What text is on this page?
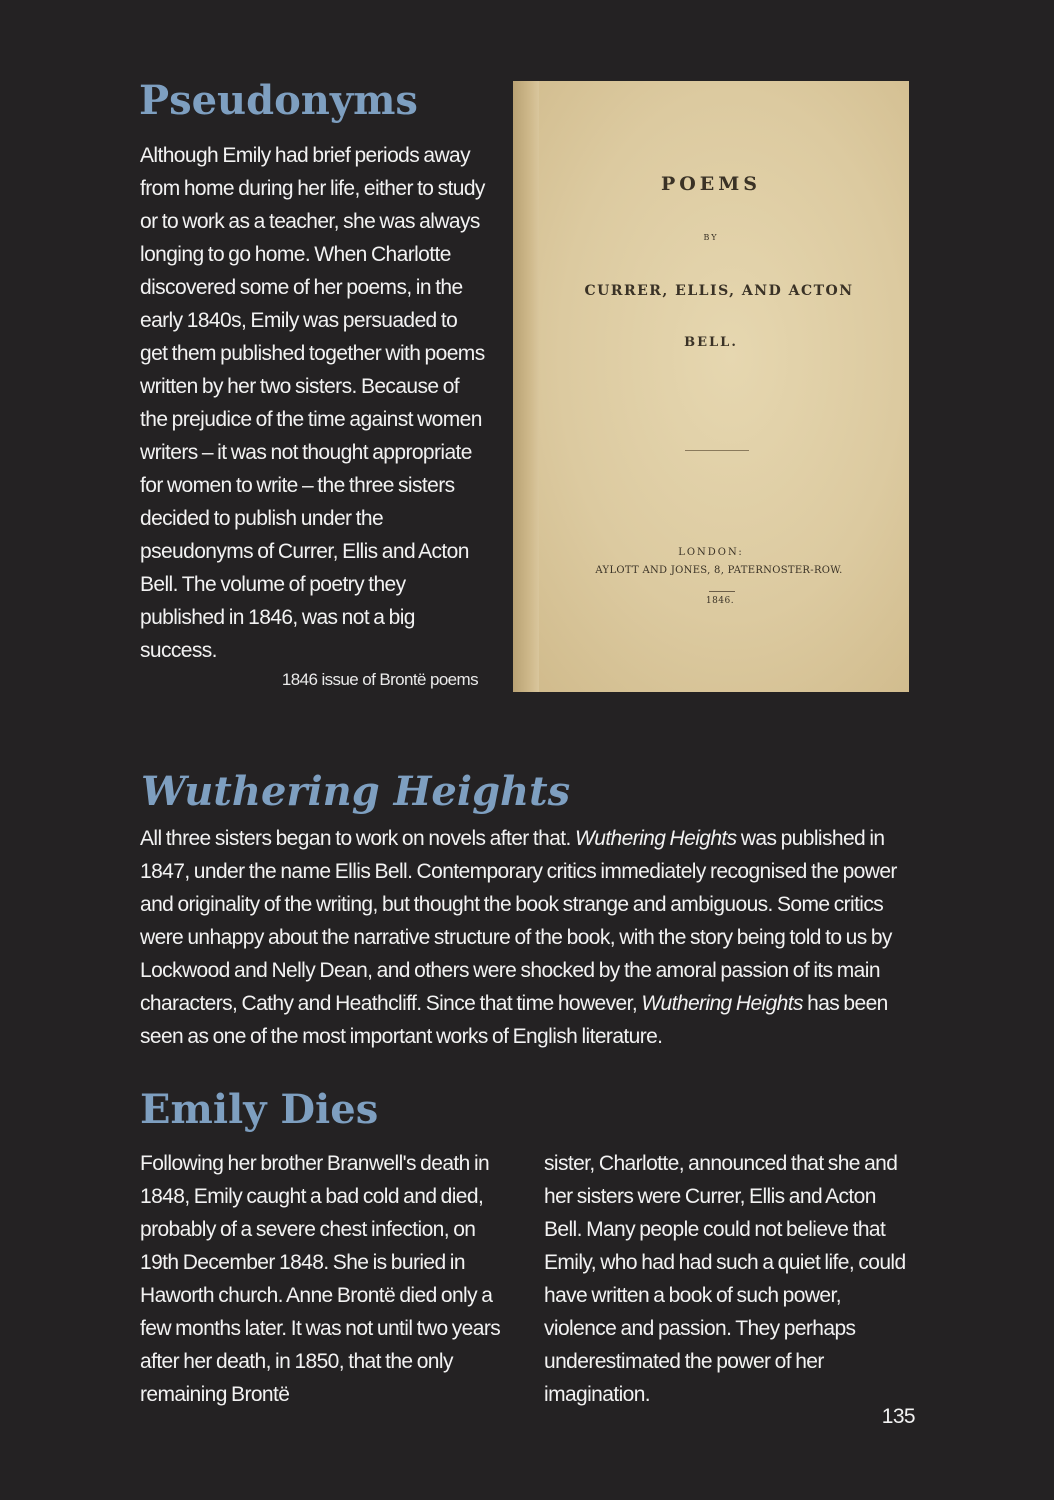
Pseudonyms

Although Emily had brief periods away from home during her life, either to study or to work as a teacher, she was always longing to go home. When Charlotte discovered some of her poems, in the early 1840s, Emily was persuaded to get them published together with poems written by her two sisters. Because of the prejudice of the time against women writers – it was not thought appropriate for women to write – the three sisters decided to publish under the pseudonyms of Currer, Ellis and Acton Bell. The volume of poetry they published in 1846, was not a big success.

1846 issue of Brontë poems
POEMS
BY
CURRER, ELLIS, AND ACTON
BELL.
LONDON:
AYLOTT AND JONES, 8, PATERNOSTER-ROW.
1846.
Wuthering Heights

All three sisters began to work on novels after that. Wuthering Heights was published in 1847, under the name Ellis Bell. Contemporary critics immediately recognised the power and originality of the writing, but thought the book strange and ambiguous. Some critics were unhappy about the narrative structure of the book, with the story being told to us by Lockwood and Nelly Dean, and others were shocked by the amoral passion of its main characters, Cathy and Heathcliff. Since that time however, Wuthering Heights has been seen as one of the most important works of English literature.

Emily Dies

Following her brother Branwell's death in 1848, Emily caught a bad cold and died, probably of a severe chest infection, on 19th December 1848. She is buried in Haworth church. Anne Brontë died only a few months later. It was not until two years after her death, in 1850, that the only remaining Brontë

sister, Charlotte, announced that she and her sisters were Currer, Ellis and Acton Bell. Many people could not believe that Emily, who had had such a quiet life, could have written a book of such power, violence and passion. They perhaps underestimated the power of her imagination.

135
